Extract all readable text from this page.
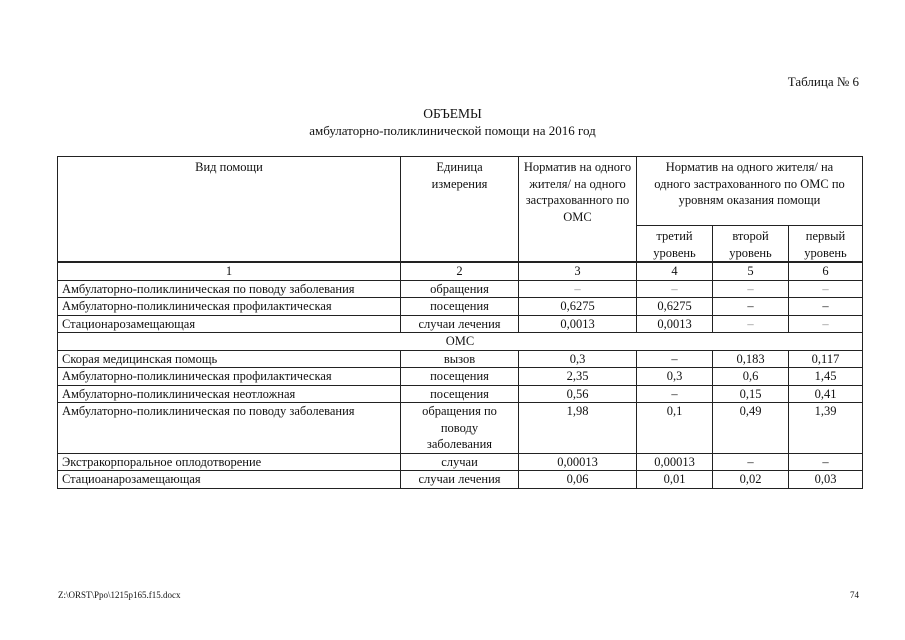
Таблица № 6
ОБЪЕМЫ
амбулаторно-поликлинической помощи на 2016 год
Вид помощи	Единица измерения	Норматив на одного жителя/ на одного застрахованного по ОМС	Норматив на одного жителя/ на одного застрахованного по ОМС по уровням оказания помощи		
			третий уровень	второй уровень	первый уровень
1	2	3	4	5	6
Амбулаторно-поликлиническая по поводу заболевания	обращения	–	–	–	–
Амбулаторно-поликлиническая профилактическая	посещения	0,6275	0,6275	–	–
Стационарозамещающая	случаи лечения	0,0013	0,0013	–	–
ОМС					
Скорая медицинская помощь	вызов	0,3	–	0,183	0,117
Амбулаторно-поликлиническая профилактическая	посещения	2,35	0,3	0,6	1,45
Амбулаторно-поликлиническая неотложная	посещения	0,56	–	0,15	0,41
Амбулаторно-поликлиническая по поводу заболевания	обращения по поводу заболевания	1,98	0,1	0,49	1,39
Экстракорпоральное оплодотворение	случаи	0,00013	0,00013	–	–
Стациоанарозамещающая	случаи лечения	0,06	0,01	0,02	0,03
Z:\ORST\Ppo\1215p165.f15.docx	74
